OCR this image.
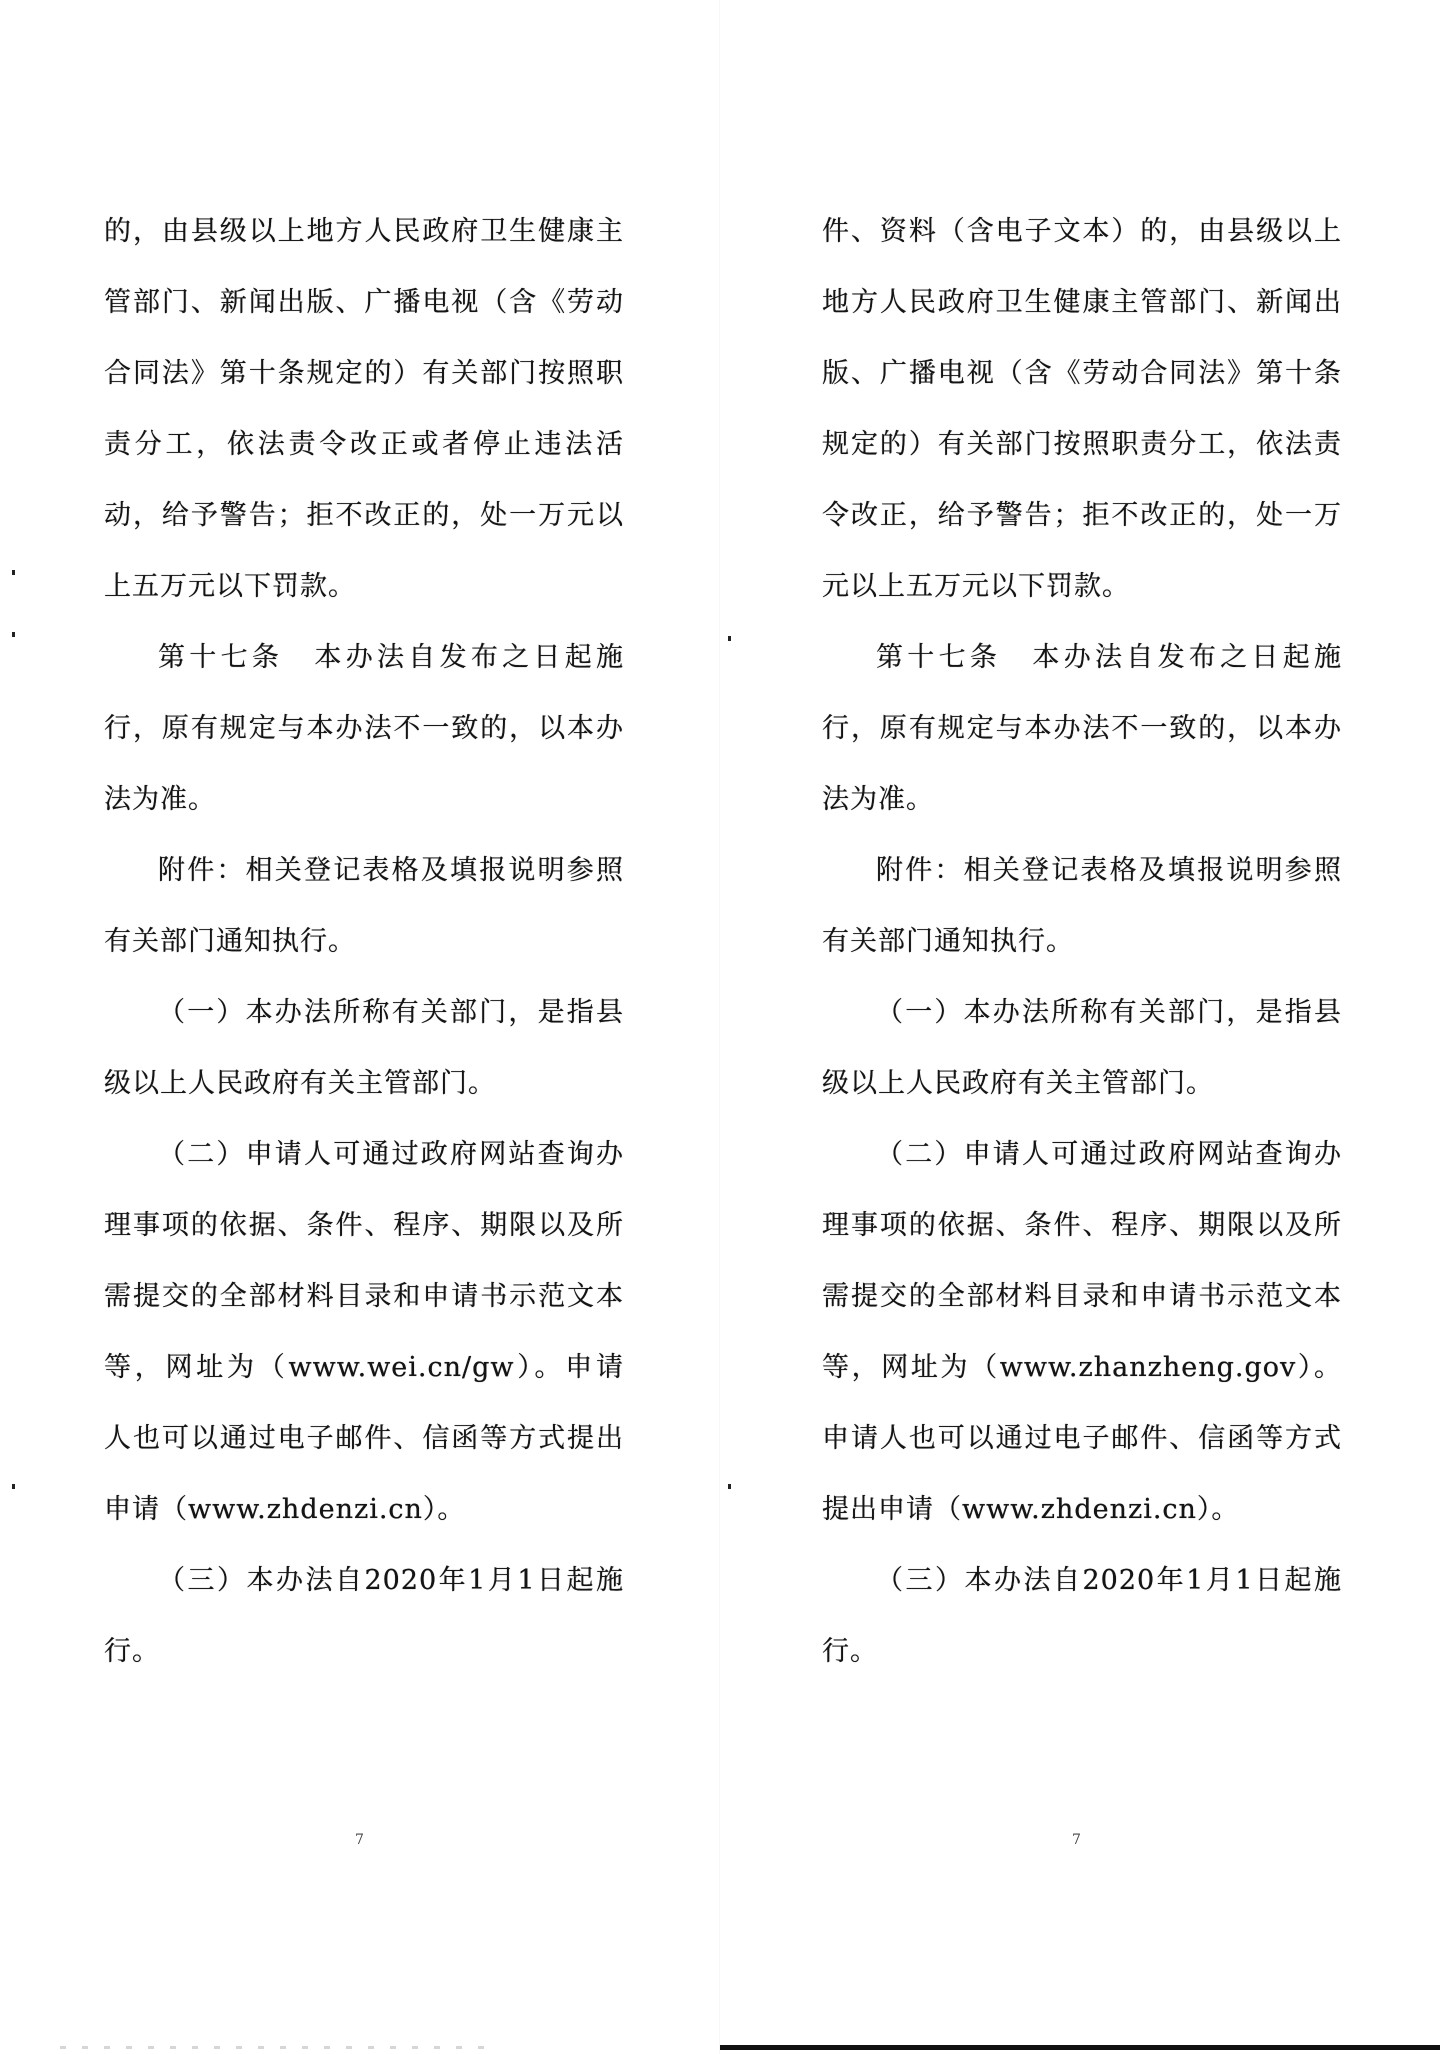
的，由县级以上地方人民政府卫生健康主管部门、新闻出版、广播电视（含《劳动合同法》第十条规定的）有关部门按照职责分工，依法责令改正或者停止违法活动，给予警告；拒不改正的，处一万元以上五万元以下罚款。

第十七条　本办法自发布之日起施行，原有规定与本办法不一致的，以本办法为准。

附件：相关登记表格及填报说明参照有关部门通知执行。

（一）本办法所称有关部门，是指县级以上人民政府有关主管部门。

（二）申请人可通过政府网站查询办理事项的依据、条件、程序、期限以及所需提交的全部材料目录和申请书示范文本等，网址为（www.wei.cn/gw）。申请人也可以通过电子邮件、信函等方式提出申请（www.zhdenzi.cn）。

（三）本办法自2020年1月1日起施行。

7

件、资料（含电子文本）的，由县级以上地方人民政府卫生健康主管部门、新闻出版、广播电视（含《劳动合同法》第十条规定的）有关部门按照职责分工，依法责令改正，给予警告；拒不改正的，处一万元以上五万元以下罚款。

第十七条　本办法自发布之日起施行，原有规定与本办法不一致的，以本办法为准。

附件：相关登记表格及填报说明参照有关部门通知执行。

（一）本办法所称有关部门，是指县级以上人民政府有关主管部门。

（二）申请人可通过政府网站查询办理事项的依据、条件、程序、期限以及所需提交的全部材料目录和申请书示范文本等，网址为（www.zhanzheng.gov）。申请人也可以通过电子邮件、信函等方式提出申请（www.zhdenzi.cn）。

（三）本办法自2020年1月1日起施行。

7
